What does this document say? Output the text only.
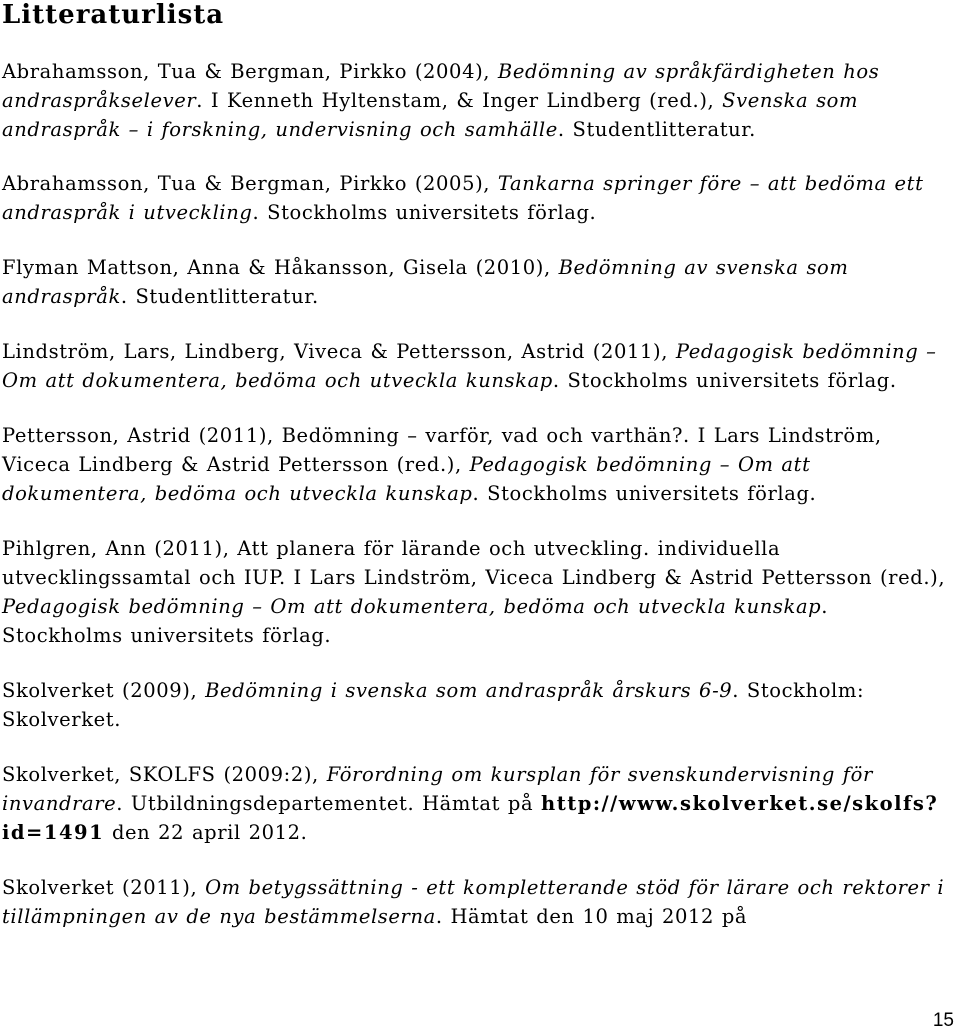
Litteraturlista

Abrahamsson, Tua & Bergman, Pirkko (2004), Bedömning av språkfärdigheten hos andraspråkselever. I Kenneth Hyltenstam, & Inger Lindberg (red.), Svenska som andraspråk – i forskning, undervisning och samhälle. Studentlitteratur.

Abrahamsson, Tua & Bergman, Pirkko (2005), Tankarna springer före – att bedöma ett andraspråk i utveckling. Stockholms universitets förlag.

Flyman Mattson, Anna & Håkansson, Gisela (2010), Bedömning av svenska som andraspråk. Studentlitteratur.

Lindström, Lars, Lindberg, Viveca & Pettersson, Astrid (2011), Pedagogisk bedömning – Om att dokumentera, bedöma och utveckla kunskap. Stockholms universitets förlag.

Pettersson, Astrid (2011), Bedömning – varför, vad och varthän?. I Lars Lindström, Viceca Lindberg & Astrid Pettersson (red.), Pedagogisk bedömning – Om att dokumentera, bedöma och utveckla kunskap. Stockholms universitets förlag.

Pihlgren, Ann (2011), Att planera för lärande och utveckling. individuella utvecklingssamtal och IUP. I Lars Lindström, Viceca Lindberg & Astrid Pettersson (red.), Pedagogisk bedömning – Om att dokumentera, bedöma och utveckla kunskap. Stockholms universitets förlag.

Skolverket (2009), Bedömning i svenska som andraspråk årskurs 6-9. Stockholm: Skolverket.

Skolverket, SKOLFS (2009:2), Förordning om kursplan för svenskundervisning för invandrare. Utbildningsdepartementet. Hämtat på http://www.skolverket.se/skolfs?id=1491 den 22 april 2012.

Skolverket (2011), Om betygssättning - ett kompletterande stöd för lärare och rektorer i tillämpningen av de nya bestämmelserna. Hämtat den 10 maj 2012 på

15
